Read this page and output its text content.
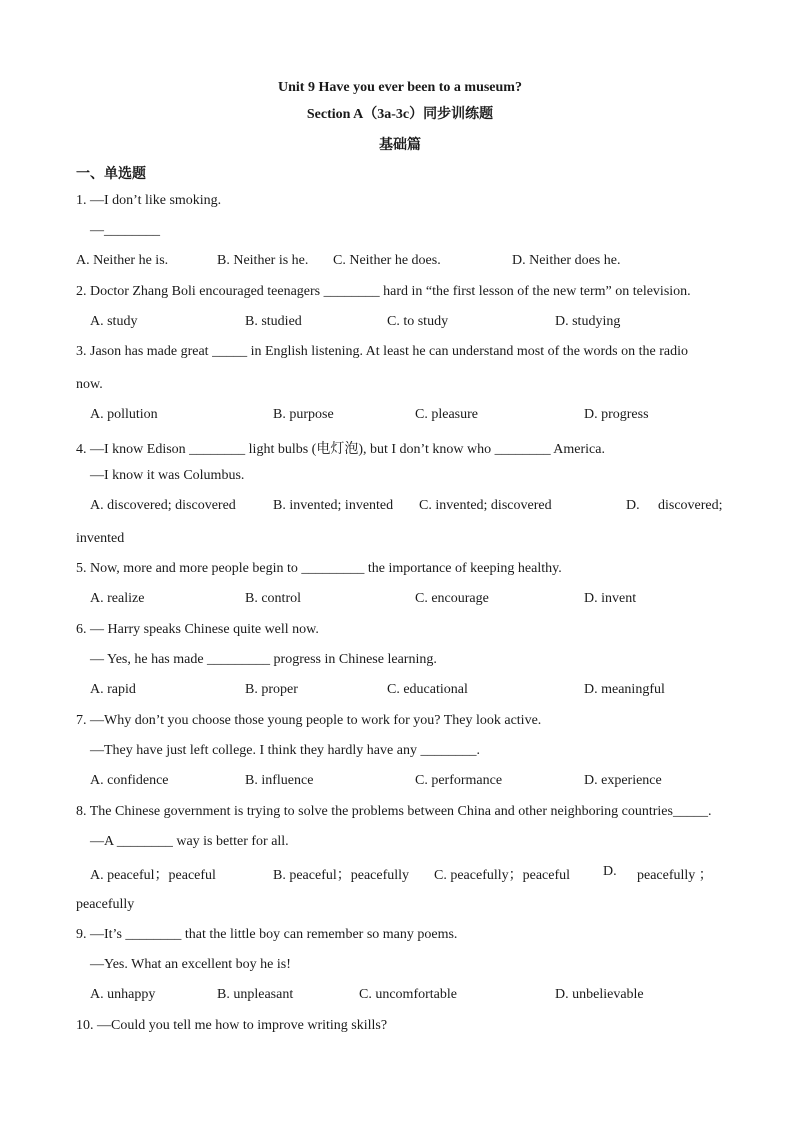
Unit 9 Have you ever been to a museum?
Section A（3a-3c）同步训练题
基础篇
一、单选题
1. —I don’t like smoking.
—________
A. Neither he is.	B. Neither is he. C. Neither he does.	D. Neither does he.
2. Doctor Zhang Boli encouraged teenagers ________ hard in “the first lesson of the new term” on television.
A. study	B. studied	C. to study	D. studying
3. Jason has made great _____ in English listening. At least he can understand most of the words on the radio
now.
A. pollution	B. purpose	C. pleasure	D. progress
4. —I know Edison ________ light bulbs (电灯泡), but I don’t know who ________ America.
—I know it was Columbus.
A. discovered; discovered	B. invented; invented C. invented; discovered	D. discovered;
invented
5. Now, more and more people begin to _________ the importance of keeping healthy.
A. realize	B. control	C. encourage	D. invent
6. — Harry speaks Chinese quite well now.
— Yes, he has made _________ progress in Chinese learning.
A. rapid	B. proper	C. educational	D. meaningful
7. —Why don’t you choose those young people to work for you? They look active.
—They have just left college. I think they hardly have any ________.
A. confidence	B. influence	C. performance	D. experience
8. The Chinese government is trying to solve the problems between China and other neighboring countries_____.
—A ________ way is better for all.
A. peaceful；peaceful	B. peaceful；peacefully C. peacefully；peaceful D. peacefully ；
peacefully
9. —It’s ________ that the little boy can remember so many poems.
—Yes. What an excellent boy he is!
A. unhappy	B. unpleasant	C. uncomfortable	D. unbelievable
10. —Could you tell me how to improve writing skills?
